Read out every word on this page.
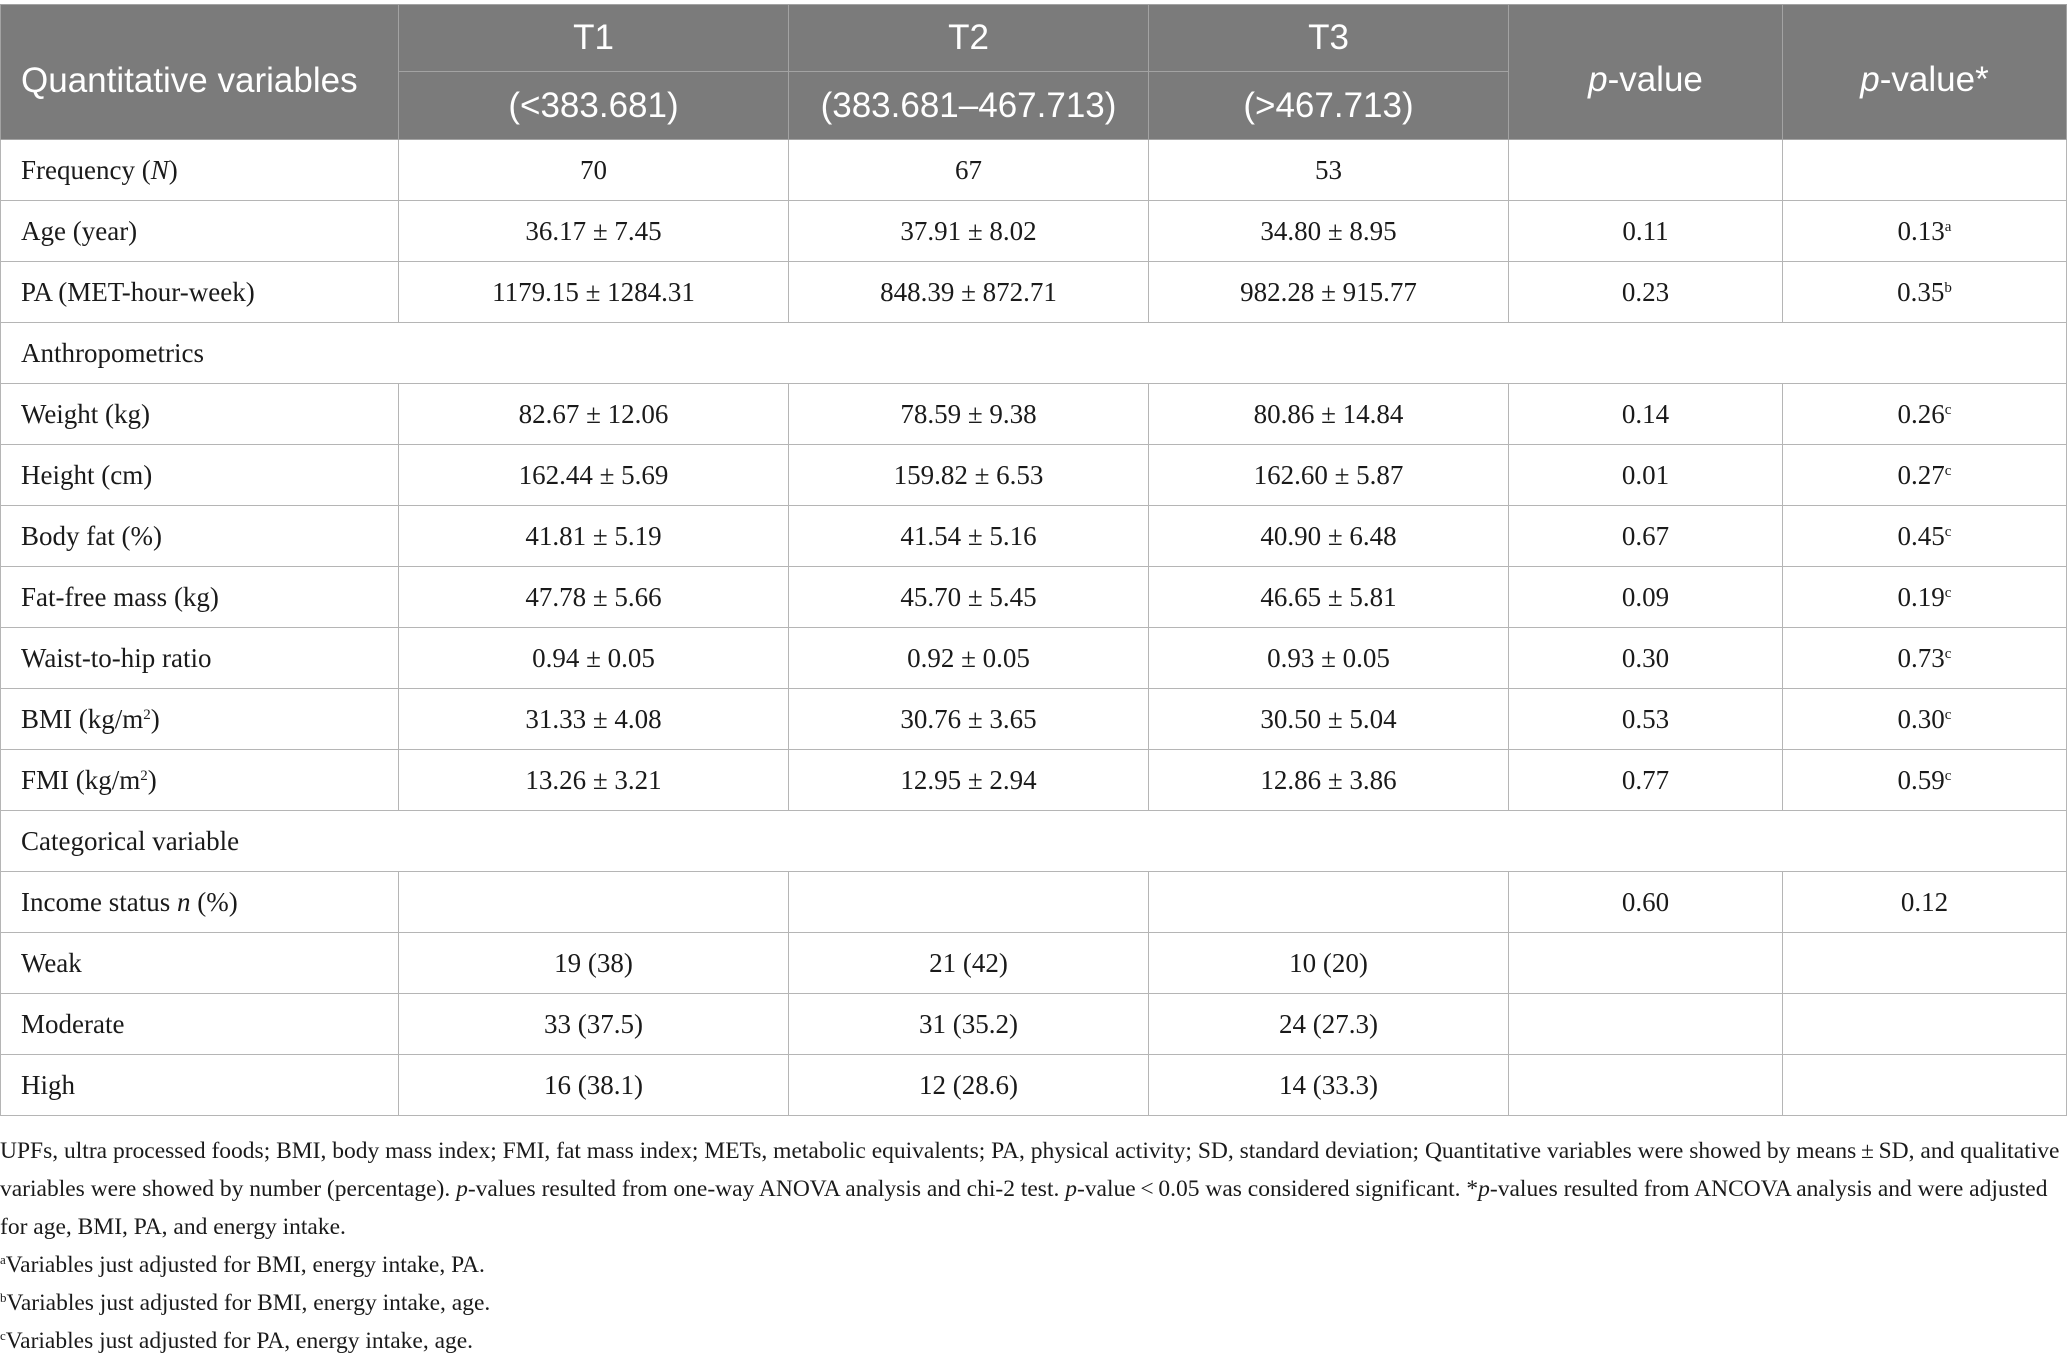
Quantitative variables	T1	T2	T3	p-value	p-value*
	(<383.681)	(383.681–467.713)	(>467.713)		
Frequency (N)	70	67	53		
Age (year)	36.17 ± 7.45	37.91 ± 8.02	34.80 ± 8.95	0.11	0.13$^a$
PA (MET-hour-week)	1179.15 ± 1284.31	848.39 ± 872.71	982.28 ± 915.77	0.23	0.35$^b$
Anthropometrics					
Weight (kg)	82.67 ± 12.06	78.59 ± 9.38	80.86 ± 14.84	0.14	0.26$^c$
Height (cm)	162.44 ± 5.69	159.82 ± 6.53	162.60 ± 5.87	0.01	0.27$^c$
Body fat (%)	41.81 ± 5.19	41.54 ± 5.16	40.90 ± 6.48	0.67	0.45$^c$
Fat-free mass (kg)	47.78 ± 5.66	45.70 ± 5.45	46.65 ± 5.81	0.09	0.19$^c$
Waist-to-hip ratio	0.94 ± 0.05	0.92 ± 0.05	0.93 ± 0.05	0.30	0.73$^c$
BMI $(kg/m^2)$	31.33 ± 4.08	30.76 ± 3.65	30.50 ± 5.04	0.53	0.30$^c$
FMI $(kg/m^2)$	13.26 ± 3.21	12.95 ± 2.94	12.86 ± 3.86	0.77	0.59$^c$
Categorical variable					
Income status n (%)				0.60	0.12
Weak	19 (38)	21 (42)	10 (20)		
Moderate	33 (37.5)	31 (35.2)	24 (27.3)		
High	16 (38.1)	12 (28.6)	14 (33.3)		

UPFs, ultra processed foods; BMI, body mass index; FMI, fat mass index; METs, metabolic equivalents; PA, physical activity; SD, standard deviation; Quantitative variables were showed by means ± SD, and qualitative variables were showed by number (percentage). p-values resulted from one-way ANOVA analysis and chi-2 test. p-value < 0.05 was considered significant. *p-values resulted from ANCOVA analysis and were adjusted for age, BMI, PA, and energy intake.

$^a$Variables just adjusted for BMI, energy intake, PA.

$^b$Variables just adjusted for BMI, energy intake, age.

$^c$Variables just adjusted for PA, energy intake, age.
